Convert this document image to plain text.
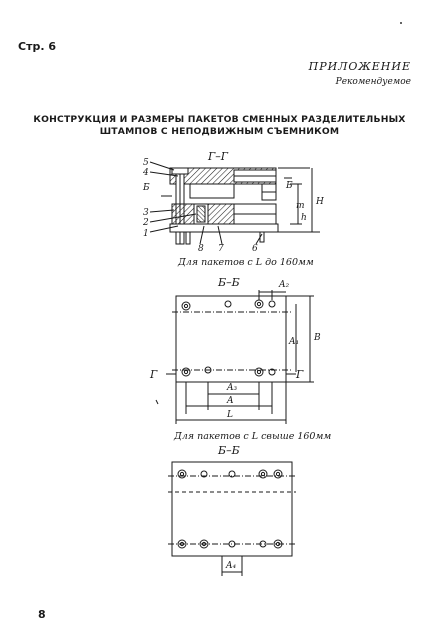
Стр. 6
ПРИЛОЖЕНИЕ
Рекомендуемое
КОНСТРУКЦИЯ И РАЗМЕРЫ ПАКЕТОВ СМЕННЫХ РАЗДЕЛИТЕЛЬНЫХ
ШТАМПОВ С НЕПОДВИЖНЫМ СЪЕМНИКОМ
Г–Г
5
4
Б
3
2
1
8 7	6
Б
m
h
H
Для пакетов с L до 160мм
Б–Б	A₂
A₁ B
A₃
A
L
Г	Г
Для пакетов с L свыше 160мм
Б–Б
A₄
8
